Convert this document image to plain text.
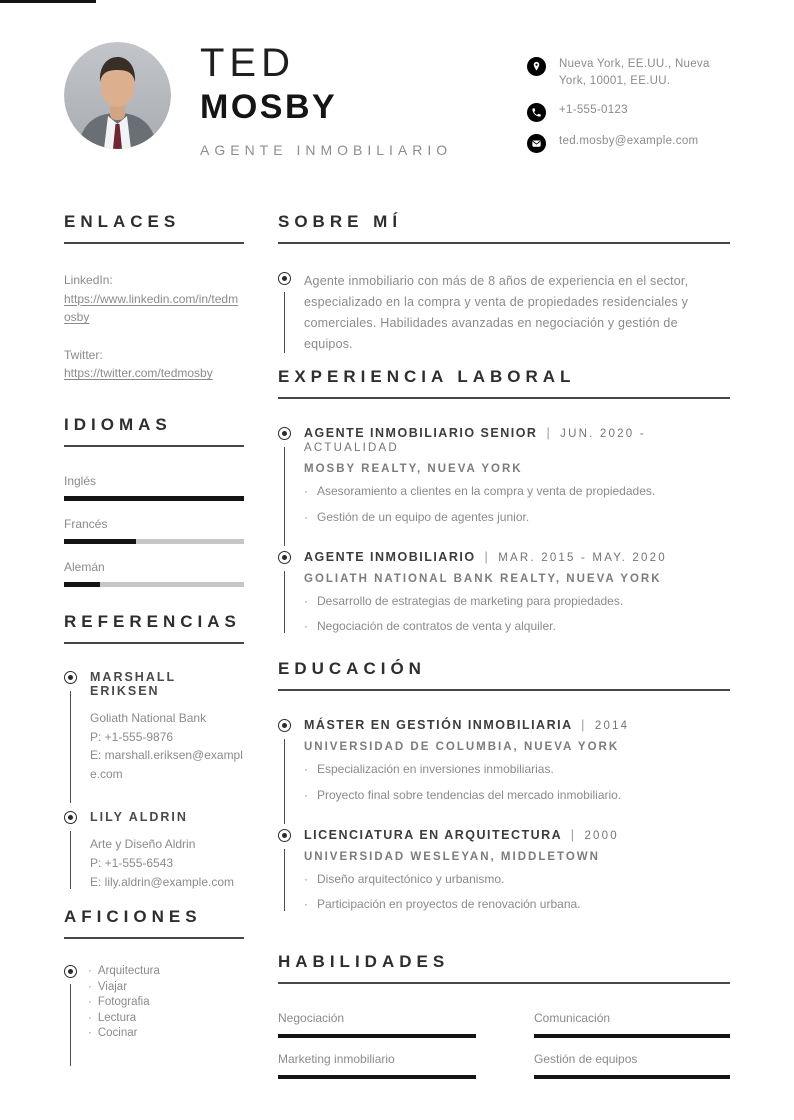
TED
MOSBY
AGENTE INMOBILIARIO
Nueva York, EE.UU., Nueva York, 10001, EE.UU.
+1-555-0123
ted.mosby@example.com
ENLACES
LinkedIn:
https://www.linkedin.com/in/tedmosby
Twitter:
https://twitter.com/tedmosby
IDIOMAS
Inglés
Francés
Alemán
REFERENCIAS
MARSHALL ERIKSEN
Goliath National Bank
P: +1-555-9876
E: marshall.eriksen@example.com
LILY ALDRIN
Arte y Diseño Aldrin
P: +1-555-6543
E: lily.aldrin@example.com
AFICIONES
· Arquitectura
· Viajar
· Fotografia
· Lectura
· Cocinar
SOBRE MÍ

Agente inmobiliario con más de 8 años de experiencia en el sector, especializado en la compra y venta de propiedades residenciales y comerciales. Habilidades avanzadas en negociación y gestión de equipos.

EXPERIENCIA LABORAL
AGENTE INMOBILIARIO SENIOR | JUN. 2020 - ACTUALIDAD
MOSBY REALTY, NUEVA YORK
· Asesoramiento a clientes en la compra y venta de propiedades.
· Gestión de un equipo de agentes junior.
AGENTE INMOBILIARIO | MAR. 2015 - MAY. 2020
GOLIATH NATIONAL BANK REALTY, NUEVA YORK
· Desarrollo de estrategias de marketing para propiedades.
· Negociación de contratos de venta y alquiler.
EDUCACIÓN
MÁSTER EN GESTIÓN INMOBILIARIA | 2014
UNIVERSIDAD DE COLUMBIA, NUEVA YORK
· Especialización en inversiones inmobiliarias.
· Proyecto final sobre tendencias del mercado inmobiliario.
LICENCIATURA EN ARQUITECTURA | 2000
UNIVERSIDAD WESLEYAN, MIDDLETOWN
· Diseño arquitectónico y urbanismo.
· Participación en proyectos de renovación urbana.
HABILIDADES
Negociación
Marketing inmobiliario
Comunicación
Gestión de equipos
